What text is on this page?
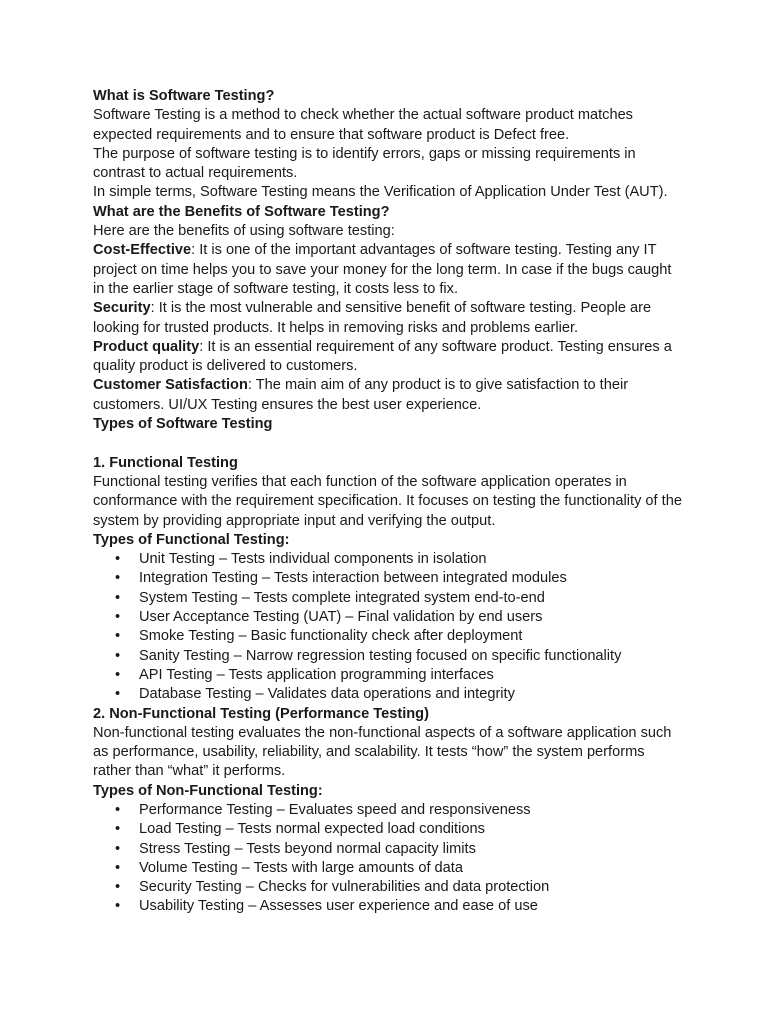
What is Software Testing?

Software Testing is a method to check whether the actual software product matches expected requirements and to ensure that software product is Defect free.

The purpose of software testing is to identify errors, gaps or missing requirements in contrast to actual requirements.

In simple terms, Software Testing means the Verification of Application Under Test (AUT).

What are the Benefits of Software Testing?

Here are the benefits of using software testing:

Cost-Effective: It is one of the important advantages of software testing. Testing any IT project on time helps you to save your money for the long term. In case if the bugs caught in the earlier stage of software testing, it costs less to fix.

Security: It is the most vulnerable and sensitive benefit of software testing. People are looking for trusted products. It helps in removing risks and problems earlier.

Product quality: It is an essential requirement of any software product. Testing ensures a quality product is delivered to customers.

Customer Satisfaction: The main aim of any product is to give satisfaction to their customers. UI/UX Testing ensures the best user experience.

Types of Software Testing
1. Functional Testing

Functional testing verifies that each function of the software application operates in conformance with the requirement specification. It focuses on testing the functionality of the system by providing appropriate input and verifying the output.

Types of Functional Testing:
• Unit Testing – Tests individual components in isolation
• Integration Testing – Tests interaction between integrated modules
• System Testing – Tests complete integrated system end-to-end
• User Acceptance Testing (UAT) – Final validation by end users
• Smoke Testing – Basic functionality check after deployment
• Sanity Testing – Narrow regression testing focused on specific functionality
• API Testing – Tests application programming interfaces
• Database Testing – Validates data operations and integrity
2. Non-Functional Testing (Performance Testing)

Non-functional testing evaluates the non-functional aspects of a software application such as performance, usability, reliability, and scalability. It tests “how” the system performs rather than “what” it performs.

Types of Non-Functional Testing:
• Performance Testing – Evaluates speed and responsiveness
• Load Testing – Tests normal expected load conditions
• Stress Testing – Tests beyond normal capacity limits
• Volume Testing – Tests with large amounts of data
• Security Testing – Checks for vulnerabilities and data protection
• Usability Testing – Assesses user experience and ease of use
